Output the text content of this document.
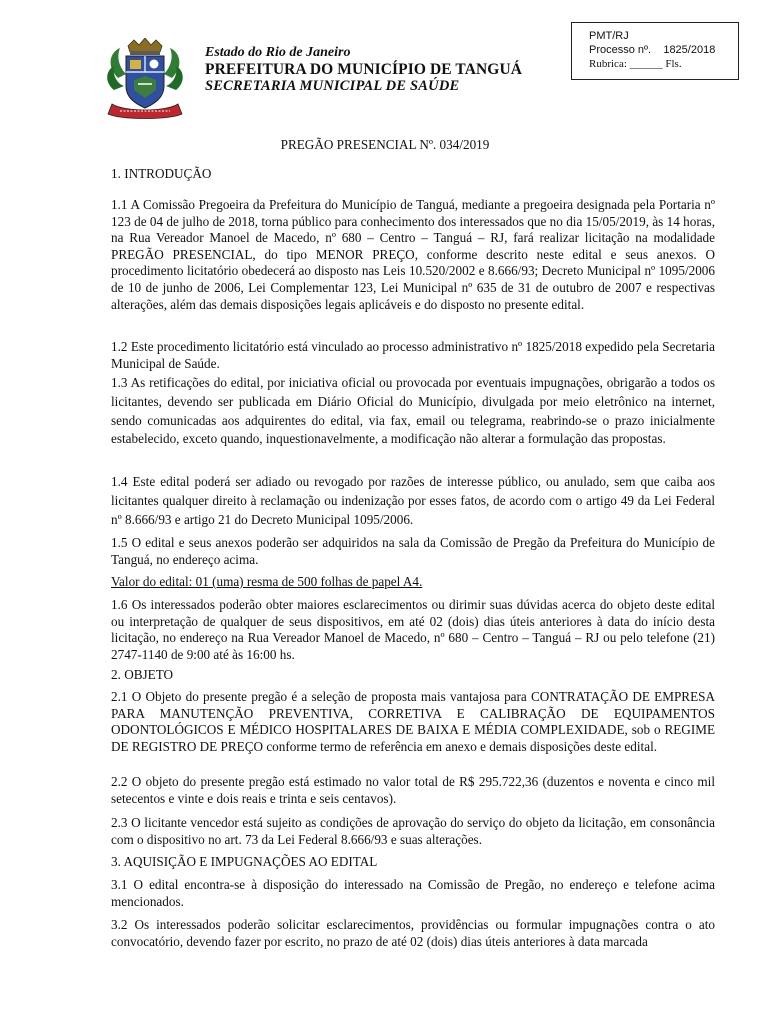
Estado do Rio de Janeiro
PREFEITURA DO MUNICÍPIO DE TANGUÁ
SECRETARIA MUNICIPAL DE SAÚDE
PMT/RJ
Processo nº.    1825/2018
Rubrica: ______ Fls.
PREGÃO PRESENCIAL Nº. 034/2019
1. INTRODUÇÃO

1.1 A Comissão Pregoeira da Prefeitura do Município de Tanguá, mediante a pregoeira designada pela Portaria nº 123 de 04 de julho de 2018, torna público para conhecimento dos interessados que no dia 15/05/2019, às 14 horas, na Rua Vereador Manoel de Macedo, nº 680 – Centro – Tanguá – RJ, fará realizar licitação na modalidade PREGÃO PRESENCIAL, do tipo MENOR PREÇO, conforme descrito neste edital e seus anexos. O procedimento licitatório obedecerá ao disposto nas Leis 10.520/2002 e 8.666/93; Decreto Municipal nº 1095/2006 de 10 de junho de 2006, Lei Complementar 123, Lei Municipal nº 635 de 31 de outubro de 2007 e respectivas alterações, além das demais disposições legais aplicáveis e do disposto no presente edital.

1.2 Este procedimento licitatório está vinculado ao processo administrativo nº 1825/2018 expedido pela Secretaria Municipal de Saúde.

1.3 As retificações do edital, por iniciativa oficial ou provocada por eventuais impugnações, obrigarão a todos os licitantes, devendo ser publicada em Diário Oficial do Município, divulgada por meio eletrônico na internet, sendo comunicadas aos adquirentes do edital, via fax, email ou telegrama, reabrindo-se o prazo inicialmente estabelecido, exceto quando, inquestionavelmente, a modificação não alterar a formulação das propostas.

1.4 Este edital poderá ser adiado ou revogado por razões de interesse público, ou anulado, sem que caiba aos licitantes qualquer direito à reclamação ou indenização por esses fatos, de acordo com o artigo 49 da Lei Federal nº 8.666/93 e artigo 21 do Decreto Municipal 1095/2006.

1.5 O edital e seus anexos poderão ser adquiridos na sala da Comissão de Pregão da Prefeitura do Município de Tanguá, no endereço acima.

Valor do edital: 01 (uma) resma de 500 folhas de papel A4.

1.6 Os interessados poderão obter maiores esclarecimentos ou dirimir suas dúvidas acerca do objeto deste edital ou interpretação de qualquer de seus dispositivos, em até 02 (dois) dias úteis anteriores à data do início desta licitação, no endereço na Rua Vereador Manoel de Macedo, nº 680 – Centro – Tanguá – RJ ou pelo telefone (21) 2747-1140 de 9:00 até às 16:00 hs.

2. OBJETO

2.1 O Objeto do presente pregão é a seleção de proposta mais vantajosa para CONTRATAÇÃO DE EMPRESA PARA MANUTENÇÃO PREVENTIVA, CORRETIVA E CALIBRAÇÃO DE EQUIPAMENTOS ODONTOLÓGICOS E MÉDICO HOSPITALARES DE BAIXA E MÉDIA COMPLEXIDADE, sob o REGIME DE REGISTRO DE PREÇO conforme termo de referência em anexo e demais disposições deste edital.

2.2 O objeto do presente pregão está estimado no valor total de R$ 295.722,36 (duzentos e noventa e cinco mil setecentos e vinte e dois reais e trinta e seis centavos).

2.3 O licitante vencedor está sujeito as condições de aprovação do serviço do objeto da licitação, em consonância com o dispositivo no art. 73 da Lei Federal 8.666/93 e suas alterações.

3. AQUISIÇÃO E IMPUGNAÇÕES AO EDITAL

3.1 O edital encontra-se à disposição do interessado na Comissão de Pregão, no endereço e telefone acima mencionados.

3.2 Os interessados poderão solicitar esclarecimentos, providências ou formular impugnações contra o ato convocatório, devendo fazer por escrito, no prazo de até 02 (dois) dias úteis anteriores à data marcada
